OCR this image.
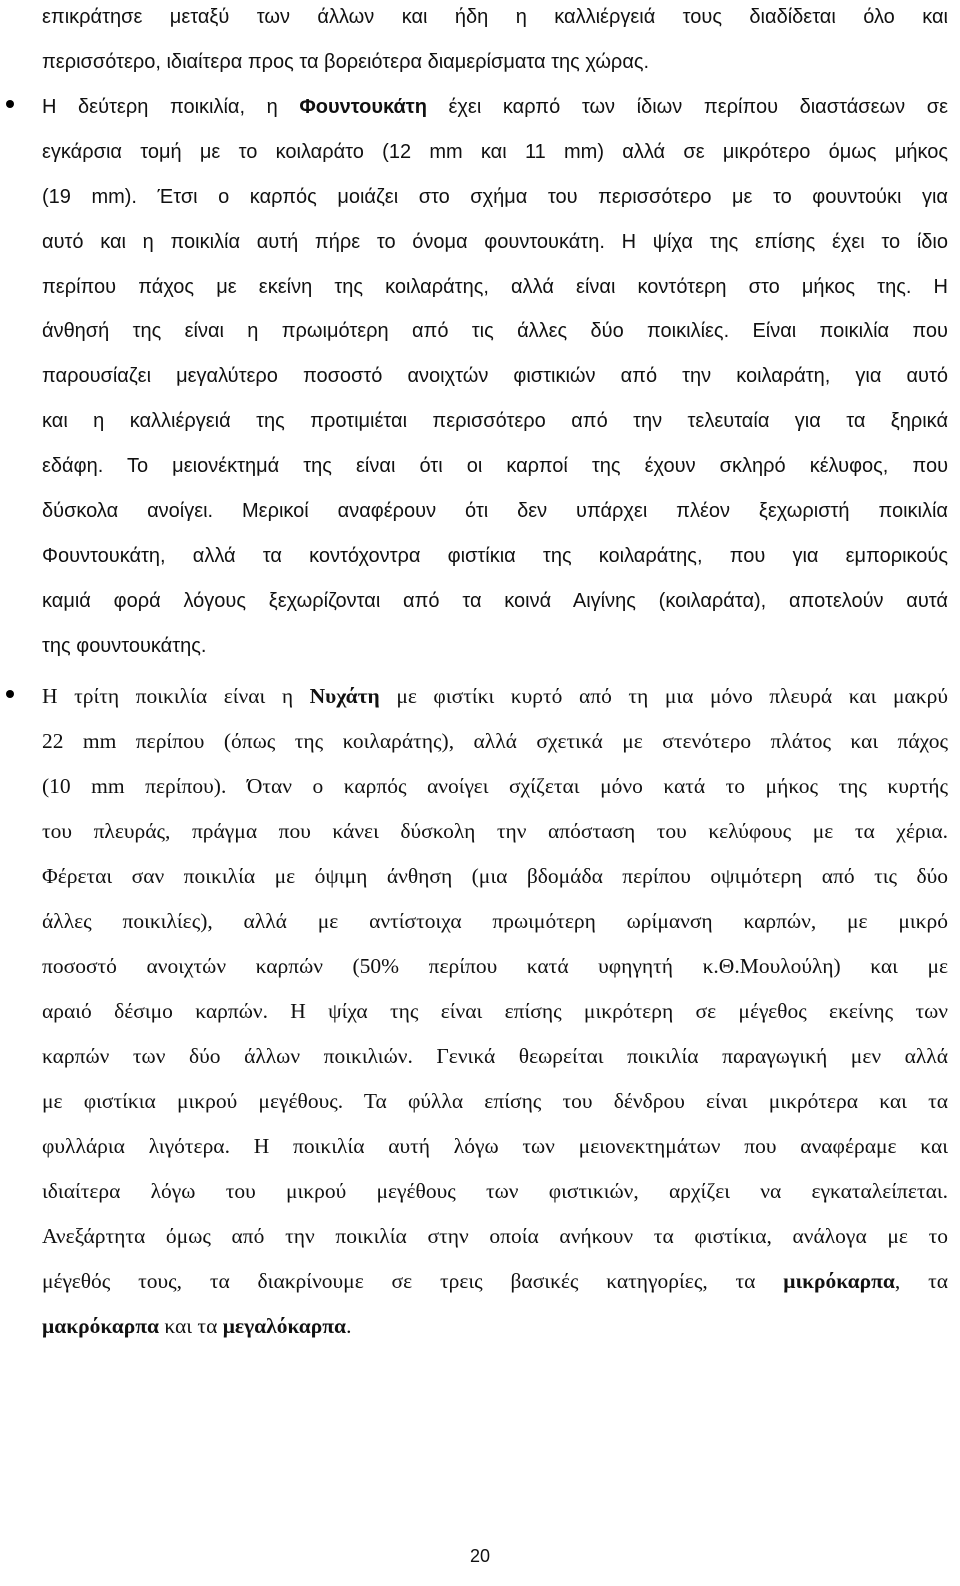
επικράτησε μεταξύ των άλλων και ήδη η καλλιέργειά τους διαδίδεται όλο και
περισσότερο, ιδιαίτερα προς τα βορειότερα διαμερίσματα της χώρας.
Η δεύτερη ποικιλία, η Φουντουκάτη έχει καρπό των ίδιων περίπου διαστάσεων σε
εγκάρσια τομή με το κοιλαράτο (12 mm και 11 mm) αλλά σε μικρότερο όμως μήκος
(19 mm). Έτσι ο καρπός μοιάζει στο σχήμα του περισσότερο με το φουντούκι για
αυτό και η ποικιλία αυτή πήρε το όνομα φουντουκάτη. Η ψίχα της επίσης έχει το ίδιο
περίπου πάχος με εκείνη της κοιλαράτης, αλλά είναι κοντότερη στο μήκος της. Η
άνθησή της είναι η πρωιμότερη από τις άλλες δύο ποικιλίες. Είναι ποικιλία που
παρουσίαζει μεγαλύτερο ποσοστό ανοιχτών φιστικιών από την κοιλαράτη, για αυτό
και η καλλιέργειά της προτιμιέται περισσότερο από την τελευταία για τα ξηρικά
εδάφη. Το μειονέκτημά της είναι ότι οι καρποί της έχουν σκληρό κέλυφος, που
δύσκολα ανοίγει. Μερικοί αναφέρουν ότι δεν υπάρχει πλέον ξεχωριστή ποικιλία
Φουντουκάτη, αλλά τα κοντόχοντρα φιστίκια της κοιλαράτης, που για εμπορικούς
καμιά φορά λόγους ξεχωρίζονται από τα κοινά Αιγίνης (κοιλαράτα), αποτελούν αυτά
της φουντουκάτης.
Η τρίτη ποικιλία είναι η Νυχάτη με φιστίκι κυρτό από τη μια μόνο πλευρά και μακρύ
22 mm περίπου (όπως της κοιλαράτης), αλλά σχετικά με στενότερο πλάτος και πάχος
(10 mm περίπου). Όταν ο καρπός ανοίγει σχίζεται μόνο κατά το μήκος της κυρτής
του πλευράς, πράγμα που κάνει δύσκολη την απόσταση του κελύφους με τα χέρια.
Φέρεται σαν ποικιλία με όψιμη άνθηση (μια βδομάδα περίπου οψιμότερη από τις δύο
άλλες ποικιλίες), αλλά με αντίστοιχα πρωιμότερη ωρίμανση καρπών, με μικρό
ποσοστό ανοιχτών καρπών (50% περίπου κατά υφηγητή κ.Θ.Μουλούλη) και με
αραιό δέσιμο καρπών. Η ψίχα της είναι επίσης μικρότερη σε μέγεθος εκείνης των
καρπών των δύο άλλων ποικιλιών. Γενικά θεωρείται ποικιλία παραγωγική μεν αλλά
με φιστίκια μικρού μεγέθους. Τα φύλλα επίσης του δένδρου είναι μικρότερα και τα
φυλλάρια λιγότερα. Η ποικιλία αυτή λόγω των μειονεκτημάτων που αναφέραμε και
ιδιαίτερα λόγω του μικρού μεγέθους των φιστικιών, αρχίζει να εγκαταλείπεται.
Ανεξάρτητα όμως από την ποικιλία στην οποία ανήκουν τα φιστίκια, ανάλογα με το
μέγεθός τους, τα διακρίνουμε σε τρεις βασικές κατηγορίες, τα μικρόκαρπα, τα
μακρόκαρπα και τα μεγαλόκαρπα.
20
